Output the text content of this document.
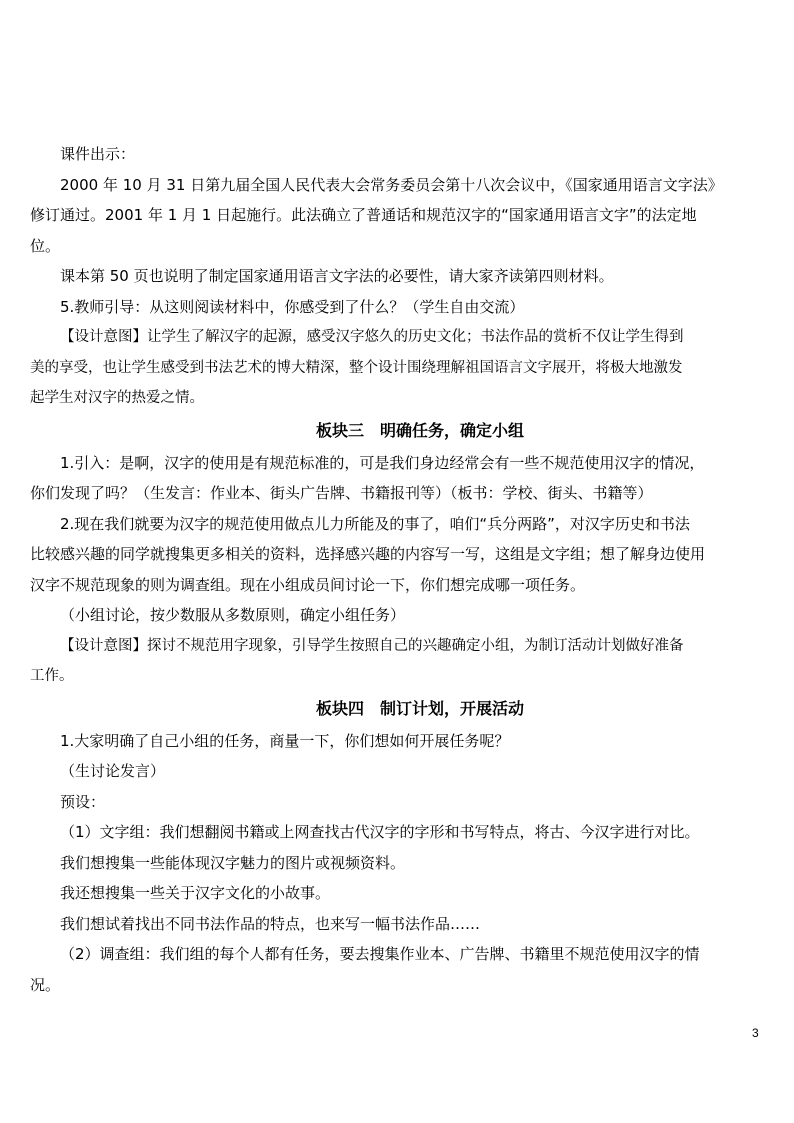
课件出示：

2000 年 10 月 31 日第九届全国人民代表大会常务委员会第十八次会议中，《国家通用语言文字法》

修订通过。2001 年 1 月 1 日起施行。此法确立了普通话和规范汉字的“国家通用语言文字”的法定地

位。

课本第 50 页也说明了制定国家通用语言文字法的必要性，请大家齐读第四则材料。

5.教师引导：从这则阅读材料中，你感受到了什么？（学生自由交流）

【设计意图】让学生了解汉字的起源，感受汉字悠久的历史文化；书法作品的赏析不仅让学生得到

美的享受，也让学生感受到书法艺术的博大精深，整个设计围绕理解祖国语言文字展开，将极大地激发

起学生对汉字的热爱之情。

板块三　明确任务，确定小组

1.引入：是啊，汉字的使用是有规范标准的，可是我们身边经常会有一些不规范使用汉字的情况，

你们发现了吗？（生发言：作业本、街头广告牌、书籍报刊等）（板书：学校、街头、书籍等）

2.现在我们就要为汉字的规范使用做点儿力所能及的事了，咱们“兵分两路”，对汉字历史和书法

比较感兴趣的同学就搜集更多相关的资料，选择感兴趣的内容写一写，这组是文字组；想了解身边使用

汉字不规范现象的则为调查组。现在小组成员间讨论一下，你们想完成哪一项任务。

（小组讨论，按少数服从多数原则，确定小组任务）

【设计意图】探讨不规范用字现象，引导学生按照自己的兴趣确定小组，为制订活动计划做好准备

工作。

板块四　制订计划，开展活动

1.大家明确了自己小组的任务，商量一下，你们想如何开展任务呢？

（生讨论发言）

预设：

（1）文字组：我们想翻阅书籍或上网查找古代汉字的字形和书写特点，将古、今汉字进行对比。

我们想搜集一些能体现汉字魅力的图片或视频资料。

我还想搜集一些关于汉字文化的小故事。

我们想试着找出不同书法作品的特点，也来写一幅书法作品……

（2）调查组：我们组的每个人都有任务，要去搜集作业本、广告牌、书籍里不规范使用汉字的情

况。

3
